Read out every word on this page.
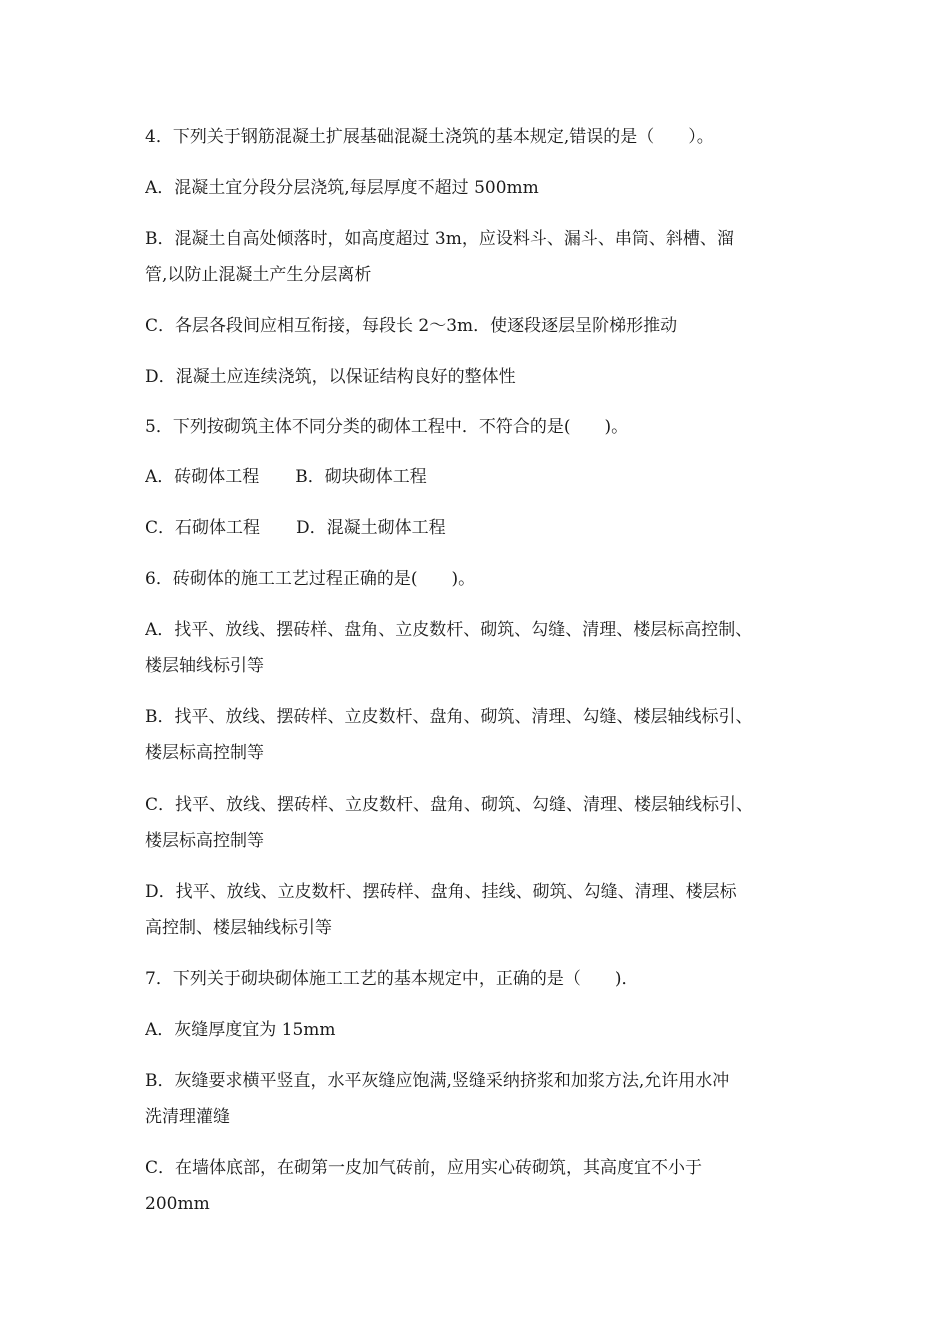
4．下列关于钢筋混凝土扩展基础混凝土浇筑的基本规定,错误的是（　　）。
A．混凝土宜分段分层浇筑,每层厚度不超过 500mm
B．混凝土自高处倾落时，如高度超过 3m，应设料斗、漏斗、串筒、斜槽、溜
管,以防止混凝土产生分层离析
C．各层各段间应相互衔接，每段长 2～3m．使逐段逐层呈阶梯形推动
D．混凝土应连续浇筑，以保证结构良好的整体性
5．下列按砌筑主体不同分类的砌体工程中．不符合的是(　　)。
A．砖砌体工程 B．砌块砌体工程
C．石砌体工程 D．混凝土砌体工程
6．砖砌体的施工工艺过程正确的是(　　)。
A．找平、放线、摆砖样、盘角、立皮数杆、砌筑、勾缝、清理、楼层标高控制、
楼层轴线标引等
B．找平、放线、摆砖样、立皮数杆、盘角、砌筑、清理、勾缝、楼层轴线标引、
楼层标高控制等
C．找平、放线、摆砖样、立皮数杆、盘角、砌筑、勾缝、清理、楼层轴线标引、
楼层标高控制等
D．找平、放线、立皮数杆、摆砖样、盘角、挂线、砌筑、勾缝、清理、楼层标
高控制、楼层轴线标引等
7．下列关于砌块砌体施工工艺的基本规定中，正确的是（　　)．
A．灰缝厚度宜为 15mm
B．灰缝要求横平竖直，水平灰缝应饱满,竖缝采纳挤浆和加浆方法,允许用水冲
洗清理灌缝
C．在墙体底部，在砌第一皮加气砖前，应用实心砖砌筑，其高度宜不小于
200mm
